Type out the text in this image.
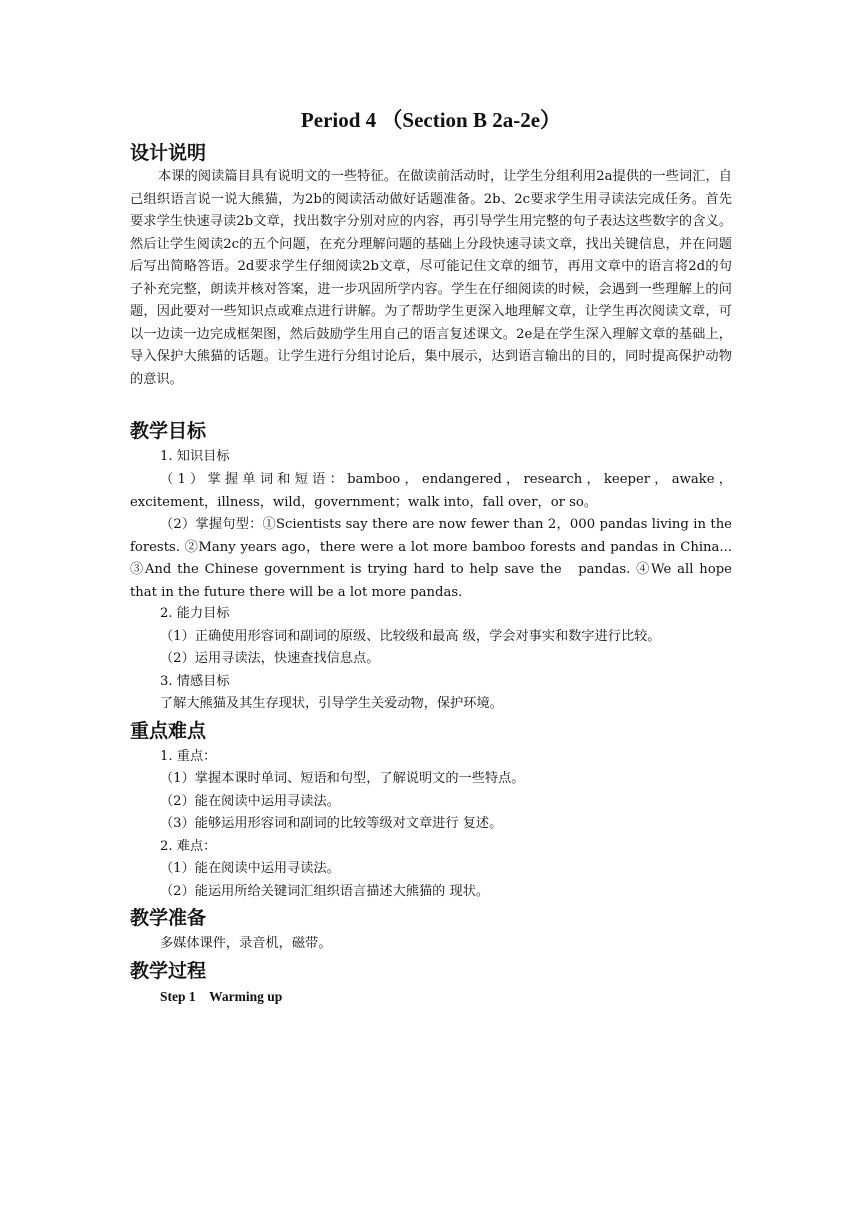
Period 4 （Section B 2a-2e）
设计说明
本课的阅读篇目具有说明文的一些特征。在做读前活动时，让学生分组利用2a提供的一些词汇，自己组织语言说一说大熊猫，为2b的阅读活动做好话题准备。2b、2c要求学生用寻读法完成任务。首先要求学生快速寻读2b文章，找出数字分别对应的内容，再引导学生用完整的句子表达这些数字的含义。然后让学生阅读2c的五个问题，在充分理解问题的基础上分段快速寻读文章，找出关键信息，并在问题后写出简略答语。2d要求学生仔细阅读2b文章，尽可能记住文章的细节，再用文章中的语言将2d的句子补充完整，朗读并核对答案，进一步巩固所学内容。学生在仔细阅读的时候，会遇到一些理解上的问题，因此要对一些知识点或难点进行讲解。为了帮助学生更深入地理解文章，让学生再次阅读文章，可以一边读一边完成框架图，然后鼓励学生用自己的语言复述课文。2e是在学生深入理解文章的基础上，导入保护大熊猫的话题。让学生进行分组讨论后，集中展示，达到语言输出的目的，同时提高保护动物的意识。
教学目标
1. 知识目标
（1）掌握单词和短语：bamboo，endangered，research，keeper，awake，excitement，illness，wild，government；walk into，fall over，or so。
（2）掌握句型：①Scientists say there are now fewer than 2，000 pandas living in the forests. ②Many years ago，there were a lot more bamboo forests and pandas in China... ③And the Chinese government is trying hard to help save the　pandas. ④We all hope that in the future there will be a lot more pandas.
2. 能力目标
（1）正确使用形容词和副词的原级、比较级和最高 级，学会对事实和数字进行比较。
（2）运用寻读法，快速查找信息点。
3. 情感目标
了解大熊猫及其生存现状，引导学生关爱动物，保护环境。
重点难点
1. 重点：
（1）掌握本课时单词、短语和句型，了解说明文的一些特点。
（2）能在阅读中运用寻读法。
（3）能够运用形容词和副词的比较等级对文章进行 复述。
2. 难点：
（1）能在阅读中运用寻读法。
（2）能运用所给关键词汇组织语言描述大熊猫的 现状。
教学准备
多媒体课件，录音机，磁带。
教学过程
Step 1　Warming up
